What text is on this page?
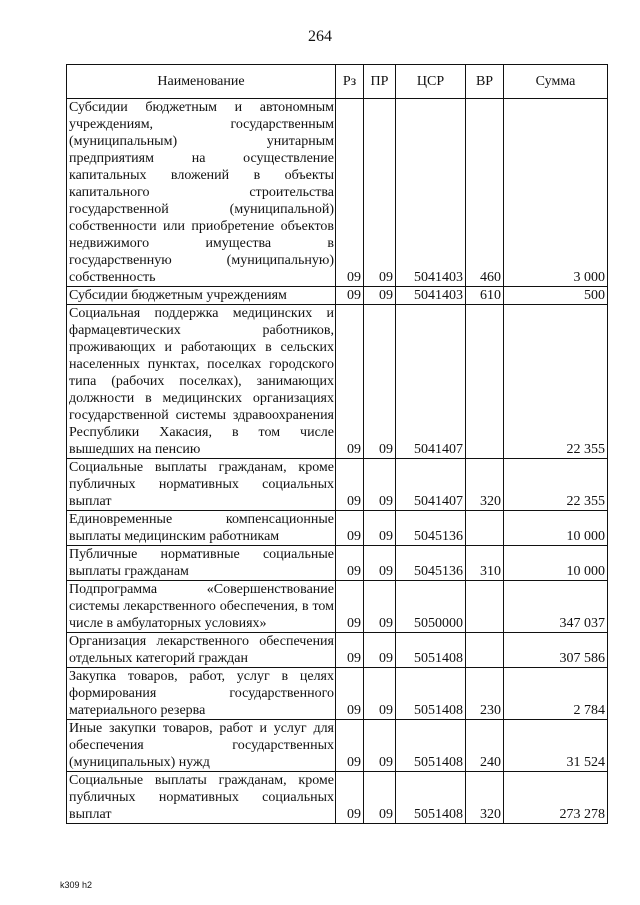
264
Наименование	Рз	ПР	ЦСР	ВР	Сумма

Субсидии бюджетным и автономным учреждениям, государственным (муниципальным) унитарным предприятиям на осуществление капитальных вложений в объекты капитального строительства государственной (муниципальной) собственности или приобретение объектов недвижимого имущества в государственную (муниципальную) собственность	09	09	5041403	460	3 000

Субсидии бюджетным учреждениям	09	09	5041403	610	500

Социальная поддержка медицинских и фармацевтических работников, проживающих и работающих в сельских населенных пунктах, поселках городского типа (рабочих поселках), занимающих должности в медицинских организациях государственной системы здравоохранения Республики Хакасия, в том числе вышедших на пенсию	09	09	5041407		22 355

Социальные выплаты гражданам, кроме публичных нормативных социальных выплат	09	09	5041407	320	22 355

Единовременные компенсационные выплаты медицинским работникам	09	09	5045136		10 000

Публичные нормативные социальные выплаты гражданам	09	09	5045136	310	10 000

Подпрограмма «Совершенствование системы лекарственного обеспечения, в том числе в амбулаторных условиях»	09	09	5050000		347 037

Организация лекарственного обеспечения отдельных категорий граждан	09	09	5051408		307 586

Закупка товаров, работ, услуг в целях формирования государственного материального резерва	09	09	5051408	230	2 784

Иные закупки товаров, работ и услуг для обеспечения государственных (муниципальных) нужд	09	09	5051408	240	31 524

Социальные выплаты гражданам, кроме публичных нормативных социальных выплат	09	09	5051408	320	273 278
k309 h2
